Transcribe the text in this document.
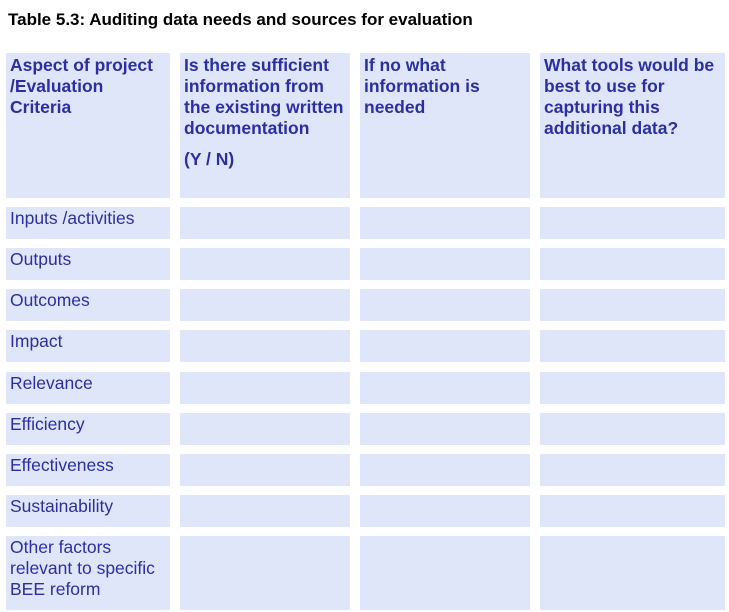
Table 5.3: Auditing data needs and sources for evaluation
Aspect of project /Evaluation Criteria
Is there sufficient information from the existing written documentation
(Y / N)
If no what information is needed
What tools would be best to use for capturing this additional data?
Inputs /activities
Outputs
Outcomes
Impact
Relevance
Efficiency
Effectiveness
Sustainability
Other factors relevant to specific BEE reform
